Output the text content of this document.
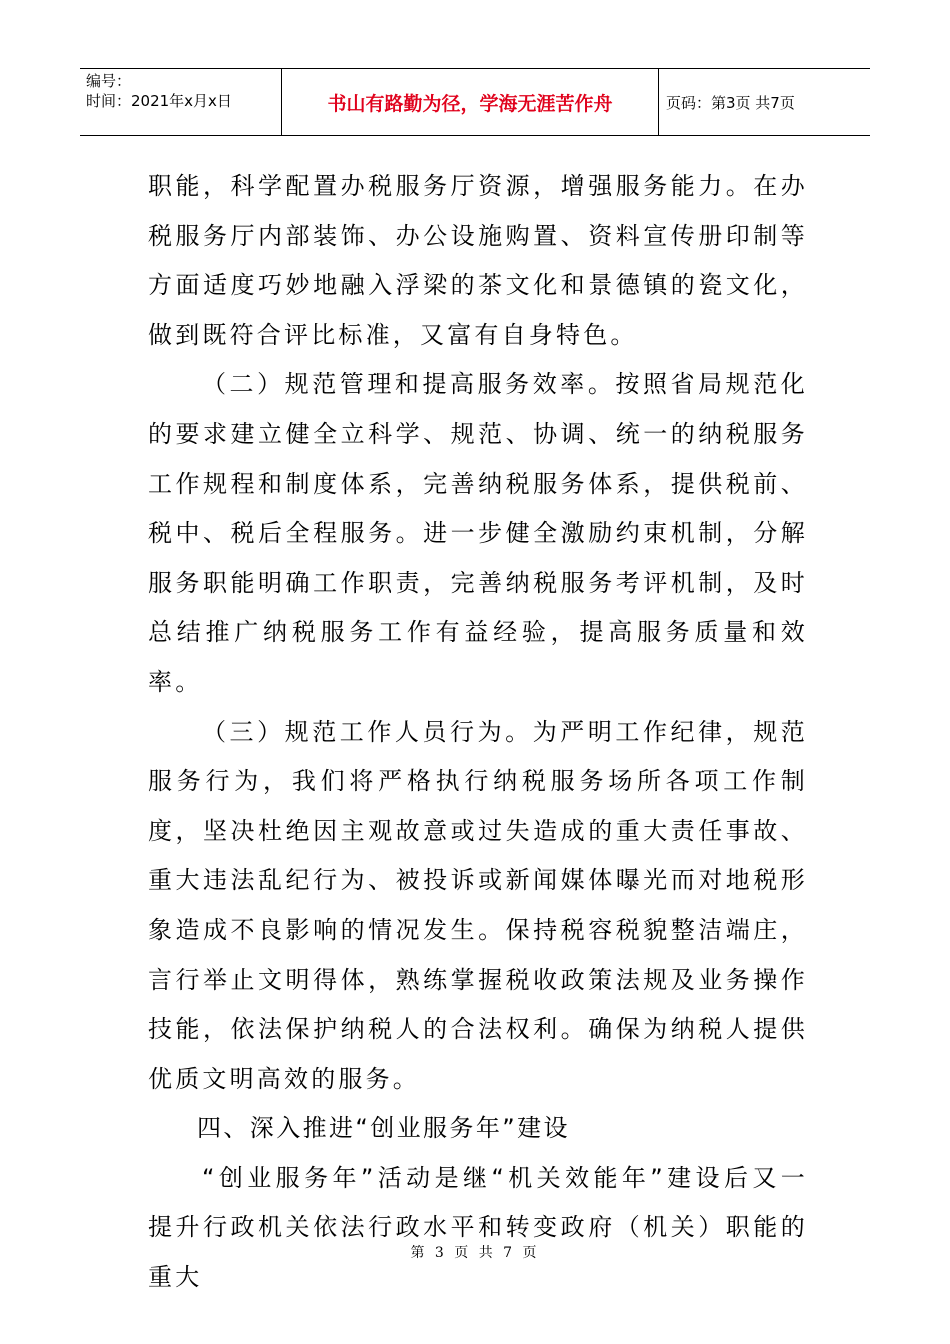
编号：
时间：2021年x月x日	书山有路勤为径，学海无涯苦作舟	页码：第3页 共7页

职能，科学配置办税服务厅资源，增强服务能力。在办税服务厅内部装饰、办公设施购置、资料宣传册印制等方面适度巧妙地融入浮梁的茶文化和景德镇的瓷文化，做到既符合评比标准，又富有自身特色。

（二）规范管理和提高服务效率。按照省局规范化的要求建立健全立科学、规范、协调、统一的纳税服务工作规程和制度体系，完善纳税服务体系，提供税前、税中、税后全程服务。进一步健全激励约束机制，分解服务职能明确工作职责，完善纳税服务考评机制，及时总结推广纳税服务工作有益经验，提高服务质量和效率。

（三）规范工作人员行为。为严明工作纪律，规范服务行为，我们将严格执行纳税服务场所各项工作制度，坚决杜绝因主观故意或过失造成的重大责任事故、重大违法乱纪行为、被投诉或新闻媒体曝光而对地税形象造成不良影响的情况发生。保持税容税貌整洁端庄，言行举止文明得体，熟练掌握税收政策法规及业务操作技能，依法保护纳税人的合法权利。确保为纳税人提供优质文明高效的服务。

四、深入推进“创业服务年”建设

“创业服务年”活动是继“机关效能年”建设后又一提升行政机关依法行政水平和转变政府（机关）职能的重大

第 3 页 共 7 页
